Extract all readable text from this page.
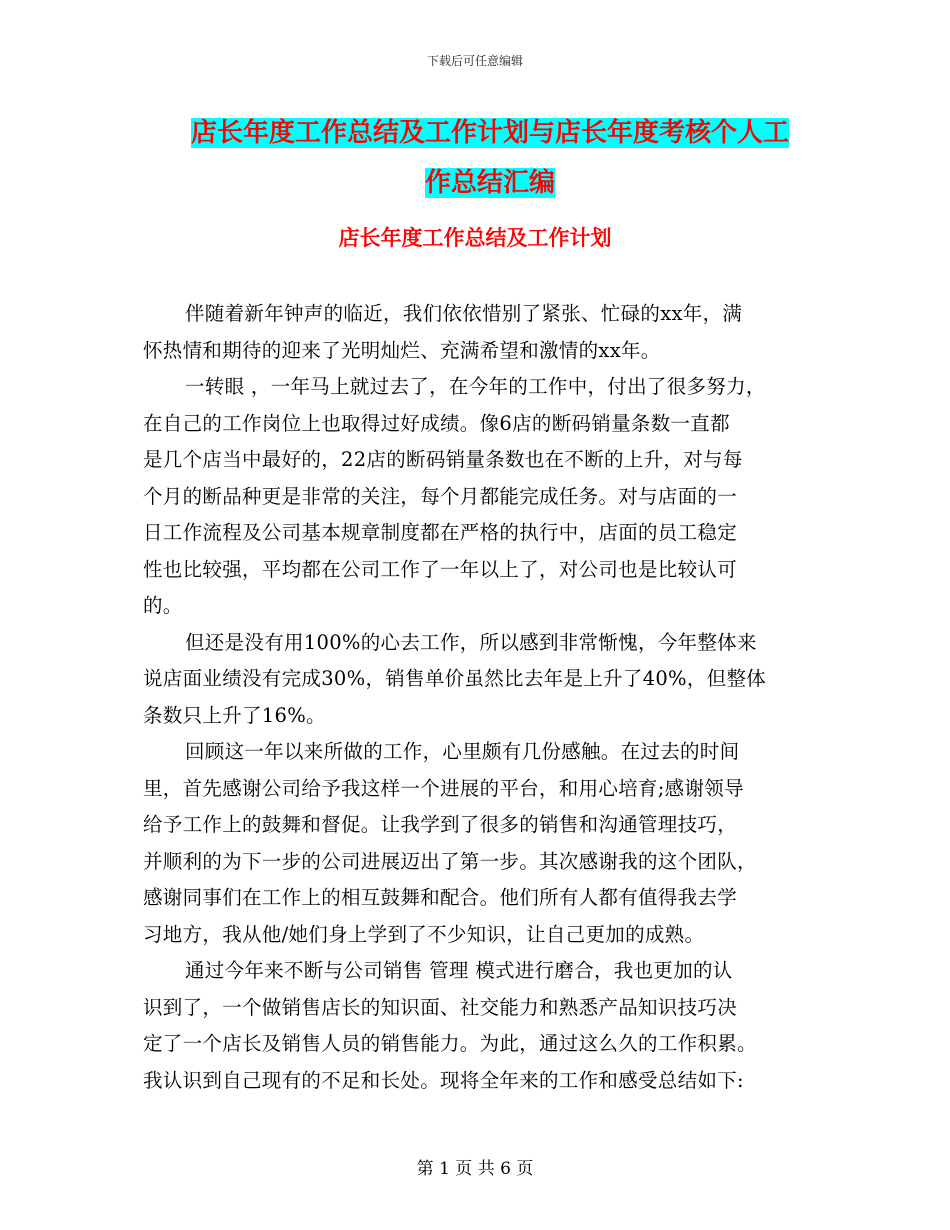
下载后可任意编辑
店长年度工作总结及工作计划与店长年度考核个人工
作总结汇编
店长年度工作总结及工作计划
伴随着新年钟声的临近，我们依依惜别了紧张、忙碌的xx年，满
怀热情和期待的迎来了光明灿烂、充满希望和激情的xx年。
一转眼 ，一年马上就过去了，在今年的工作中，付出了很多努力，
在自己的工作岗位上也取得过好成绩。像6店的断码销量条数一直都
是几个店当中最好的，22店的断码销量条数也在不断的上升，对与每
个月的断品种更是非常的关注，每个月都能完成任务。对与店面的一
日工作流程及公司基本规章制度都在严格的执行中，店面的员工稳定
性也比较强，平均都在公司工作了一年以上了，对公司也是比较认可
的。
但还是没有用100%的心去工作，所以感到非常惭愧，今年整体来
说店面业绩没有完成30%，销售单价虽然比去年是上升了40%，但整体
条数只上升了16%。
回顾这一年以来所做的工作，心里颇有几份感触。在过去的时间
里，首先感谢公司给予我这样一个进展的平台，和用心培育;感谢领导
给予工作上的鼓舞和督促。让我学到了很多的销售和沟通管理技巧，
并顺利的为下一步的公司进展迈出了第一步。其次感谢我的这个团队，
感谢同事们在工作上的相互鼓舞和配合。他们所有人都有值得我去学
习地方，我从他/她们身上学到了不少知识，让自己更加的成熟。
通过今年来不断与公司销售 管理 模式进行磨合，我也更加的认
识到了，一个做销售店长的知识面、社交能力和熟悉产品知识技巧决
定了一个店长及销售人员的销售能力。为此，通过这么久的工作积累。
我认识到自己现有的不足和长处。现将全年来的工作和感受总结如下:
第 1 页 共 6 页
